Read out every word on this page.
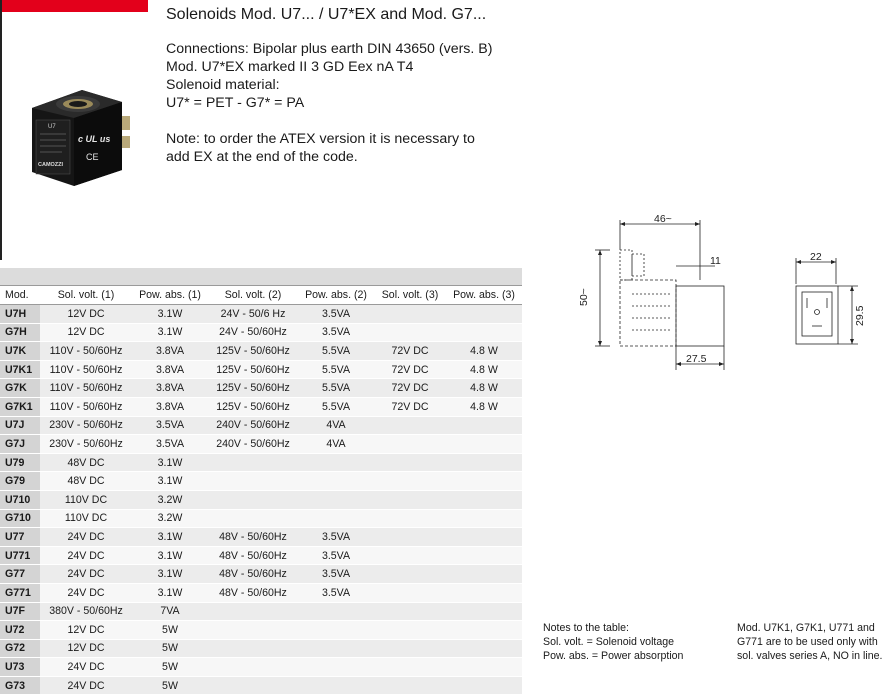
Solenoids Mod. U7... / U7*EX and Mod. G7...
Connections: Bipolar plus earth DIN 43650 (vers. B)
Mod. U7*EX marked II 3 GD Eex nA T4
Solenoid material:
U7* = PET - G7* = PA
Note: to order the ATEX version it is necessary to
add EX at the end of the code.
U7
CAMOZZI
c UL us
CE

Mod.	Sol. volt. (1)	Pow. abs. (1)	Sol. volt. (2)	Pow. abs. (2)	Sol. volt. (3)	Pow. abs. (3)
U7H	12V DC	3.1W	24V - 50/6 Hz	3.5VA		
G7H	12V DC	3.1W	24V - 50/60Hz	3.5VA		
U7K	110V - 50/60Hz	3.8VA	125V - 50/60Hz	5.5VA	72V DC	4.8 W
U7K1	110V - 50/60Hz	3.8VA	125V - 50/60Hz	5.5VA	72V DC	4.8 W
G7K	110V - 50/60Hz	3.8VA	125V - 50/60Hz	5.5VA	72V DC	4.8 W
G7K1	110V - 50/60Hz	3.8VA	125V - 50/60Hz	5.5VA	72V DC	4.8 W
U7J	230V - 50/60Hz	3.5VA	240V - 50/60Hz	4VA		
G7J	230V - 50/60Hz	3.5VA	240V - 50/60Hz	4VA		
U79	48V DC	3.1W				
G79	48V DC	3.1W				
U710	110V DC	3.2W				
G710	110V DC	3.2W				
U77	24V DC	3.1W	48V - 50/60Hz	3.5VA		
U771	24V DC	3.1W	48V - 50/60Hz	3.5VA		
G77	24V DC	3.1W	48V - 50/60Hz	3.5VA		
G771	24V DC	3.1W	48V - 50/60Hz	3.5VA		
U7F	380V - 50/60Hz	7VA				
U72	12V DC	5W				
G72	12V DC	5W				
U73	24V DC	5W				
G73	24V DC	5W				
46~
11
50~
27.5
22
29.5
Notes to the table:
Sol. volt. = Solenoid voltage
Pow. abs. = Power absorption
Mod. U7K1, G7K1, U771 and
G771 are to be used only with
sol. valves series A, NO in line.
